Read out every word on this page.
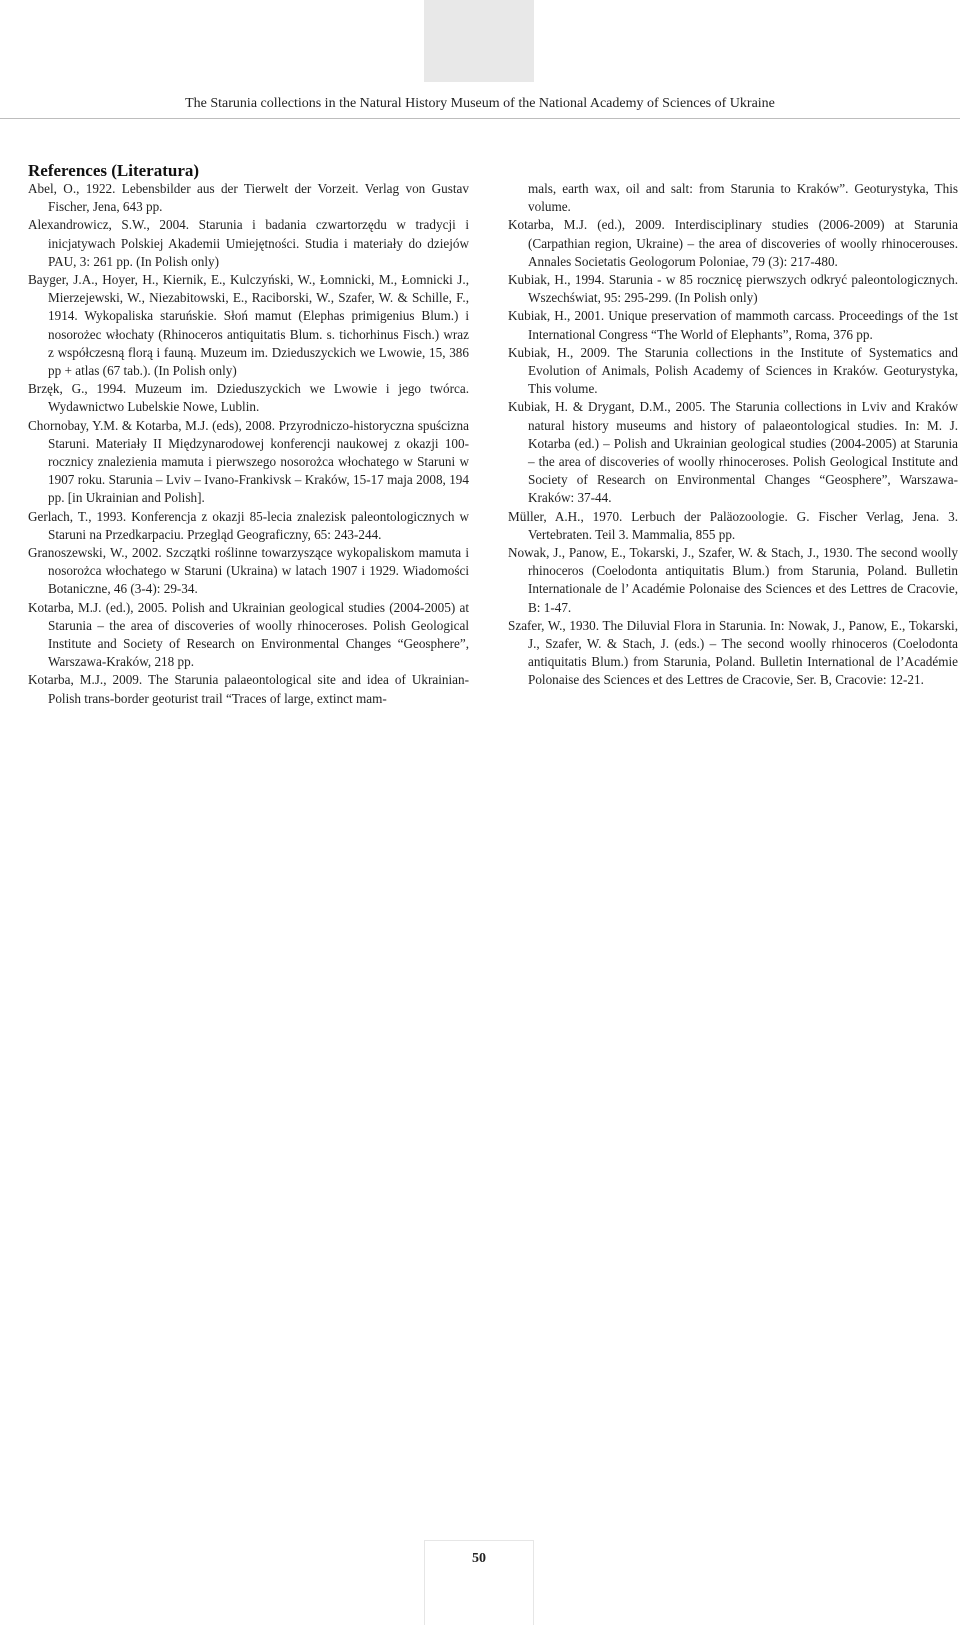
The Starunia collections in the Natural History Museum of the National Academy of Sciences of Ukraine

References (Literatura)

Abel, O., 1922. Lebensbilder aus der Tierwelt der Vorzeit. Verlag von Gustav Fischer, Jena, 643 pp.

Alexandrowicz, S.W., 2004. Starunia i badania czwartorzędu w tradycji i inicjatywach Polskiej Akademii Umiejętności. Studia i materiały do dziejów PAU, 3: 261 pp. (In Polish only)

Bayger, J.A., Hoyer, H., Kiernik, E., Kulczyński, W., Łomnicki, M., Łomnicki J., Mierzejewski, W., Niezabitowski, E., Raciborski, W., Szafer, W. & Schille, F., 1914. Wykopaliska staruńskie. Słoń mamut (Elephas primigenius Blum.) i nosorożec włochaty (Rhinoceros antiquitatis Blum. s. tichorhinus Fisch.) wraz z współczesną florą i fauną. Muzeum im. Dzieduszyckich we Lwowie, 15, 386 pp + atlas (67 tab.). (In Polish only)

Brzęk, G., 1994. Muzeum im. Dzieduszyckich we Lwowie i jego twórca. Wydawnictwo Lubelskie Nowe, Lublin.

Chornobay, Y.M. & Kotarba, M.J. (eds), 2008. Przyrodniczo-historyczna spuścizna Staruni. Materiały II Międzynarodowej konferencji naukowej z okazji 100-rocznicy znalezienia mamuta i pierwszego nosorożca włochatego w Staruni w 1907 roku. Starunia – Lviv – Ivano-Frankivsk – Kraków, 15-17 maja 2008, 194 pp. [in Ukrainian and Polish].

Gerlach, T., 1993. Konferencja z okazji 85-lecia znalezisk paleontologicznych w Staruni na Przedkarpaciu. Przegląd Geograficzny, 65: 243-244.

Granoszewski, W., 2002. Szczątki roślinne towarzyszące wykopaliskom mamuta i nosorożca włochatego w Staruni (Ukraina) w latach 1907 i 1929. Wiadomości Botaniczne, 46 (3-4): 29-34.

Kotarba, M.J. (ed.), 2005. Polish and Ukrainian geological studies (2004-2005) at Starunia – the area of discoveries of woolly rhinoceroses. Polish Geological Institute and Society of Research on Environmental Changes “Geosphere”, Warszawa-Kraków, 218 pp.

Kotarba, M.J., 2009. The Starunia palaeontological site and idea of Ukrainian-Polish trans-border geoturist trail “Traces of large, extinct mam-

mals, earth wax, oil and salt: from Starunia to Kraków”. Geoturystyka, This volume.

Kotarba, M.J. (ed.), 2009. Interdisciplinary studies (2006-2009) at Starunia (Carpathian region, Ukraine) – the area of discoveries of woolly rhinocerouses. Annales Societatis Geologorum Poloniae, 79 (3): 217-480.

Kubiak, H., 1994. Starunia - w 85 rocznicę pierwszych odkryć paleontologicznych. Wszechświat, 95: 295-299. (In Polish only)

Kubiak, H., 2001. Unique preservation of mammoth carcass. Proceedings of the 1st International Congress “The World of Elephants”, Roma, 376 pp.

Kubiak, H., 2009. The Starunia collections in the Institute of Systematics and Evolution of Animals, Polish Academy of Sciences in Kraków. Geoturystyka, This volume.

Kubiak, H. & Drygant, D.M., 2005. The Starunia collections in Lviv and Kraków natural history museums and history of palaeontological studies. In: M. J. Kotarba (ed.) – Polish and Ukrainian geological studies (2004-2005) at Starunia – the area of discoveries of woolly rhinoceroses. Polish Geological Institute and Society of Research on Environmental Changes “Geosphere”, Warszawa-Kraków: 37-44.

Müller, A.H., 1970. Lerbuch der Paläozoologie. G. Fischer Verlag, Jena. 3. Vertebraten. Teil 3. Mammalia, 855 pp.

Nowak, J., Panow, E., Tokarski, J., Szafer, W. & Stach, J., 1930. The second woolly rhinoceros (Coelodonta antiquitatis Blum.) from Starunia, Poland. Bulletin Internationale de l’ Académie Polonaise des Sciences et des Lettres de Cracovie, B: 1-47.

Szafer, W., 1930. The Diluvial Flora in Starunia. In: Nowak, J., Panow, E., Tokarski, J., Szafer, W. & Stach, J. (eds.) – The second woolly rhinoceros (Coelodonta antiquitatis Blum.) from Starunia, Poland. Bulletin International de l’Académie Polonaise des Sciences et des Lettres de Cracovie, Ser. B, Cracovie: 12-21.

50
